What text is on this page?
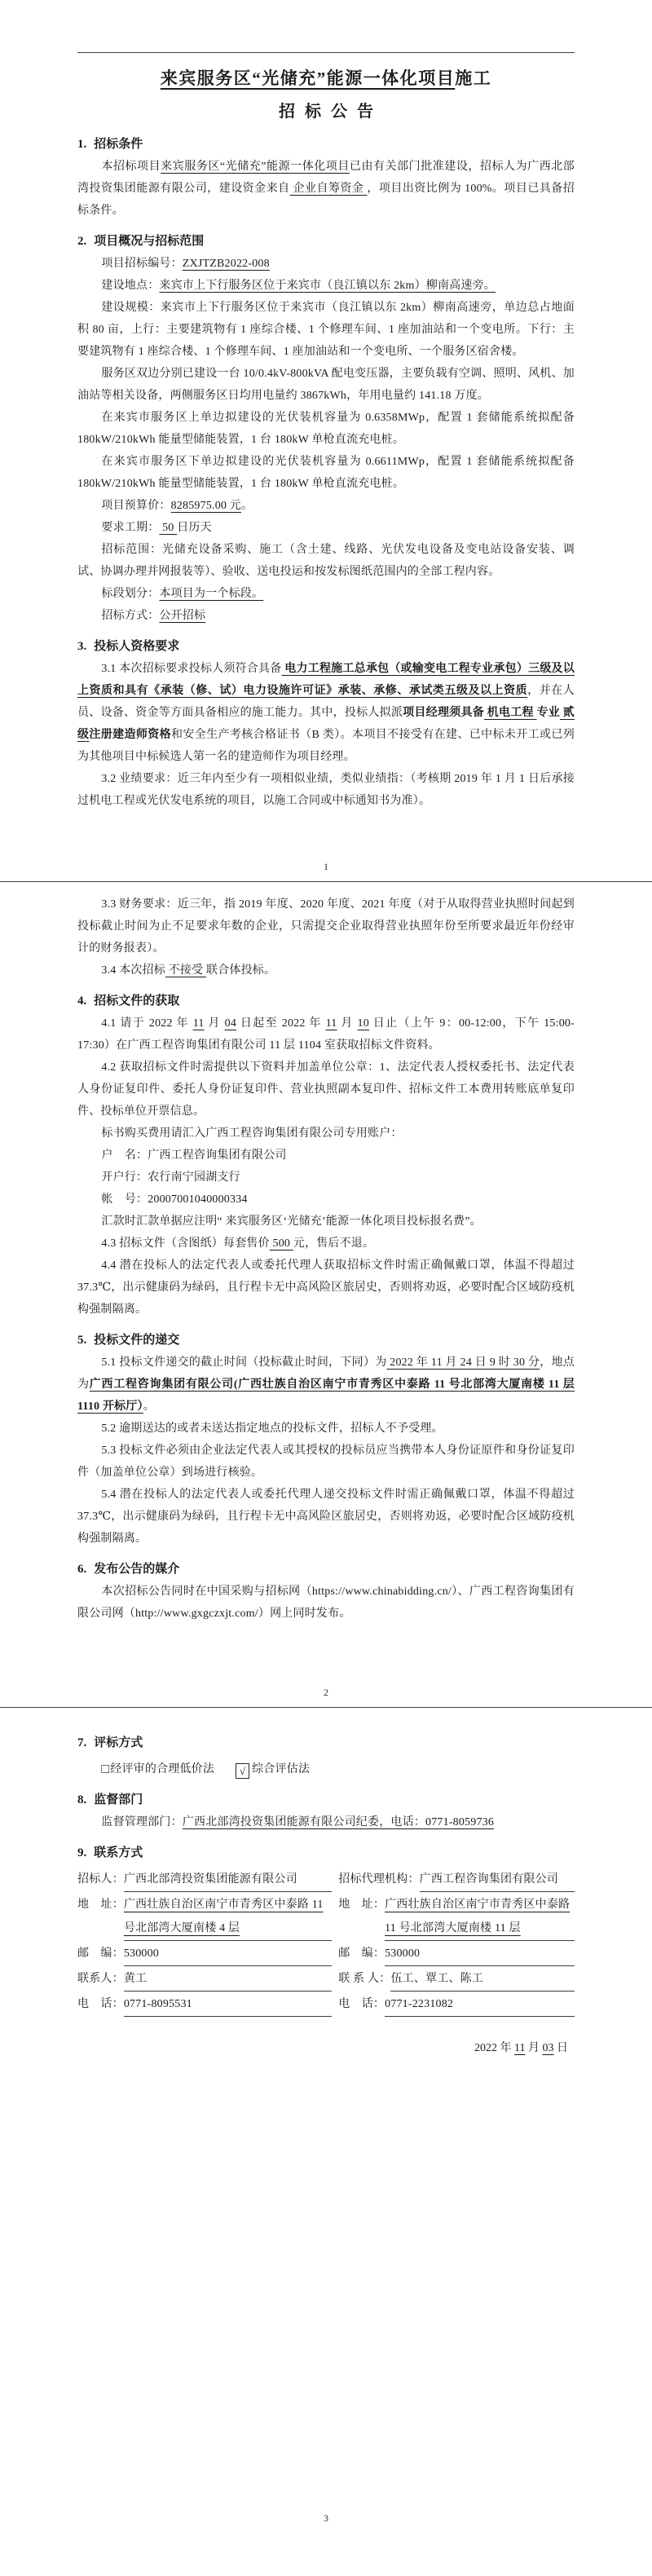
来宾服务区“光储充”能源一体化项目施工
招标公告
1. 招标条件

本招标项目来宾服务区“光储充”能源一体化项目已由有关部门批准建设，招标人为广西北部湾投资集团能源有限公司，建设资金来自 企业自筹资金 ，项目出资比例为 100%。项目已具备招标条件。

2. 项目概况与招标范围

项目招标编号：ZXJTZB2022-008

建设地点：来宾市上下行服务区位于来宾市（良江镇以东 2km）柳南高速旁。

建设规模：来宾市上下行服务区位于来宾市（良江镇以东 2km）柳南高速旁，单边总占地面积 80 亩，上行：主要建筑物有 1 座综合楼、1 个修理车间、1 座加油站和一个变电所。下行：主要建筑物有 1 座综合楼、1 个修理车间、1 座加油站和一个变电所、一个服务区宿舍楼。

服务区双边分别已建设一台 10/0.4kV-800kVA 配电变压器，主要负载有空调、照明、风机、加油站等相关设备，两侧服务区日均用电量约 3867kWh，年用电量约 141.18 万度。

在来宾市服务区上单边拟建设的光伏装机容量为 0.6358MWp，配置 1 套储能系统拟配备 180kW/210kWh 能量型储能装置，1 台 180kW 单枪直流充电桩。

在来宾市服务区下单边拟建设的光伏装机容量为 0.6611MWp，配置 1 套储能系统拟配备 180kW/210kWh 能量型储能装置，1 台 180kW 单枪直流充电桩。

项目预算价：8285975.00 元。

要求工期： 50 日历天

招标范围：光储充设备采购、施工（含土建、线路、光伏发电设备及变电站设备安装、调试、协调办理并网报装等）、验收、送电投运和按发标图纸范围内的全部工程内容。

标段划分：本项目为一个标段。

招标方式：公开招标

3. 投标人资格要求

3.1 本次招标要求投标人须符合具备 电力工程施工总承包（或输变电工程专业承包）三级及以上资质和具有《承装（修、试）电力设施许可证》承装、承修、承试类五级及以上资质，并在人员、设备、资金等方面具备相应的施工能力。其中，投标人拟派项目经理须具备 机电工程 专业 贰 级注册建造师资格和安全生产考核合格证书（B 类）。本项目不接受有在建、已中标未开工或已列为其他项目中标候选人第一名的建造师作为项目经理。

3.2 业绩要求：近三年内至少有一项相似业绩，类似业绩指：（考核期 2019 年 1 月 1 日后承接过机电工程或光伏发电系统的项目，以施工合同或中标通知书为准）。

1

3.3 财务要求：近三年，指 2019 年度、2020 年度、2021 年度（对于从取得营业执照时间起到投标截止时间为止不足要求年数的企业，只需提交企业取得营业执照年份至所要求最近年份经审计的财务报表）。

3.4 本次招标 不接受 联合体投标。

4. 招标文件的获取

4.1 请于 2022 年 11 月 04 日起至 2022 年 11 月 10 日止（上午 9：00-12:00，下午 15:00-17:30）在广西工程咨询集团有限公司 11 层 1104 室获取招标文件资料。

4.2 获取招标文件时需提供以下资料并加盖单位公章：1、法定代表人授权委托书、法定代表人身份证复印件、委托人身份证复印件、营业执照副本复印件、招标文件工本费用转账底单复印件、投标单位开票信息。

标书购买费用请汇入广西工程咨询集团有限公司专用账户：

户　名：广西工程咨询集团有限公司

开户行：农行南宁园湖支行

帐　号：20007001040000334

汇款时汇款单据应注明“ 来宾服务区‘光储充’能源一体化项目投标报名费”。

4.3 招标文件（含图纸）每套售价 500 元，售后不退。

4.4 潜在投标人的法定代表人或委托代理人获取招标文件时需正确佩戴口罩，体温不得超过 37.3℃，出示健康码为绿码，且行程卡无中高风险区旅居史，否则将劝返，必要时配合区域防疫机构强制隔离。

5. 投标文件的递交

5.1 投标文件递交的截止时间（投标截止时间，下同）为 2022 年 11 月 24 日 9 时 30 分，地点为广西工程咨询集团有限公司(广西壮族自治区南宁市青秀区中泰路 11 号北部湾大厦南楼 11 层 1110 开标厅）。

5.2 逾期送达的或者未送达指定地点的投标文件，招标人不予受理。

5.3 投标文件必须由企业法定代表人或其授权的投标员应当携带本人身份证原件和身份证复印件（加盖单位公章）到场进行核验。

5.4 潜在投标人的法定代表人或委托代理人递交投标文件时需正确佩戴口罩，体温不得超过 37.3℃，出示健康码为绿码，且行程卡无中高风险区旅居史，否则将劝返，必要时配合区域防疫机构强制隔离。

6. 发布公告的媒介

本次招标公告同时在中国采购与招标网（https://www.chinabidding.cn/）、广西工程咨询集团有限公司网（http://www.gxgczxjt.com/）网上同时发布。

2
7. 评标方式

□经评审的合理低价法 √ 综合评估法

8. 监督部门

监督管理部门：广西北部湾投资集团能源有限公司纪委，电话：0771-8059736

9. 联系方式
招标人： 广西北部湾投资集团能源有限公司
地　址： 广西壮族自治区南宁市青秀区中泰路 11 号北部湾大厦南楼 4 层
邮　编： 530000
联系人： 黄工
电　话： 0771-8095531
招标代理机构： 广西工程咨询集团有限公司
地　址： 广西壮族自治区南宁市青秀区中泰路 11 号北部湾大厦南楼 11 层
邮　编： 530000
联 系 人： 伍工、覃工、陈工
电　话： 0771-2231082
2022 年 11 月 03 日
3
